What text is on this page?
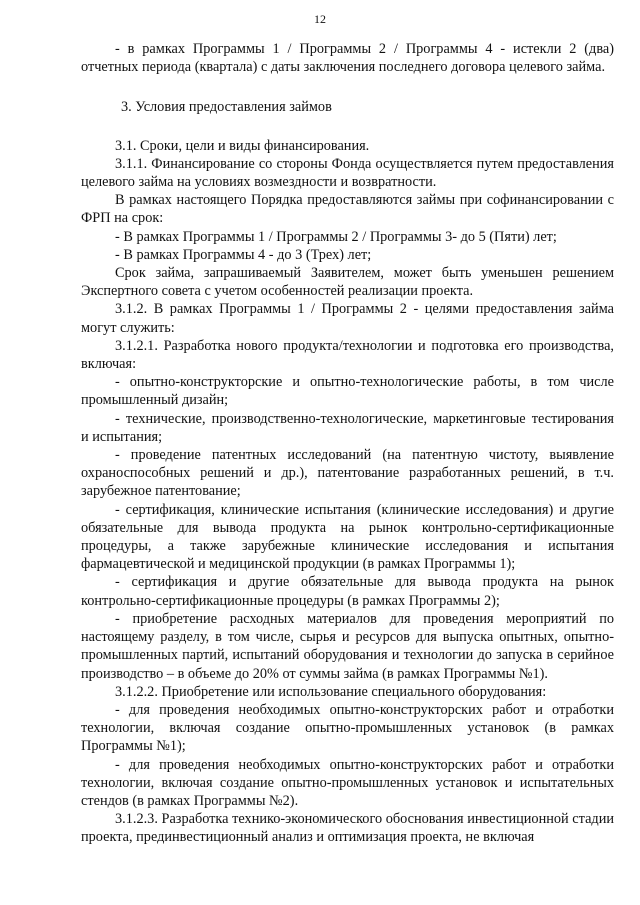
12

- в рамках Программы 1 / Программы 2 / Программы 4 - истекли 2 (два) отчетных периода (квартала) с даты заключения последнего договора целевого займа.

3. Условия предоставления займов

3.1. Сроки, цели и виды финансирования.

3.1.1. Финансирование со стороны Фонда осуществляется путем предоставления целевого займа на условиях возмездности и возвратности.

В рамках настоящего Порядка предоставляются займы при софинансировании с ФРП на срок:

- В рамках Программы 1 / Программы 2 / Программы 3- до 5 (Пяти) лет;

- В рамках Программы 4 - до 3 (Трех) лет;

Срок займа, запрашиваемый Заявителем, может быть уменьшен решением Экспертного совета с учетом особенностей реализации проекта.

3.1.2. В рамках Программы 1 / Программы 2 - целями предоставления займа могут служить:

3.1.2.1. Разработка нового продукта/технологии и подготовка его производства, включая:

- опытно-конструкторские и опытно-технологические работы, в том числе промышленный дизайн;

- технические, производственно-технологические, маркетинговые тестирования и испытания;

- проведение патентных исследований (на патентную чистоту, выявление охраноспособных решений и др.), патентование разработанных решений, в т.ч. зарубежное патентование;

- сертификация, клинические испытания (клинические исследования) и другие обязательные для вывода продукта на рынок контрольно-сертификационные процедуры, а также зарубежные клинические исследования и испытания фармацевтической и медицинской продукции (в рамках Программы 1);

- сертификация и другие обязательные для вывода продукта на рынок контрольно-сертификационные процедуры (в рамках Программы 2);

- приобретение расходных материалов для проведения мероприятий по настоящему разделу, в том числе, сырья и ресурсов для выпуска опытных, опытно-промышленных партий, испытаний оборудования и технологии до запуска в серийное производство – в объеме до 20% от суммы займа (в рамках Программы №1).

3.1.2.2. Приобретение или использование специального оборудования:

- для проведения необходимых опытно-конструкторских работ и отработки технологии, включая создание опытно-промышленных установок (в рамках Программы №1);

- для проведения необходимых опытно-конструкторских работ и отработки технологии, включая создание опытно-промышленных установок и испытательных стендов (в рамках Программы №2).

3.1.2.3. Разработка технико-экономического обоснования инвестиционной стадии проекта, прединвестиционный анализ и оптимизация проекта, не включая
